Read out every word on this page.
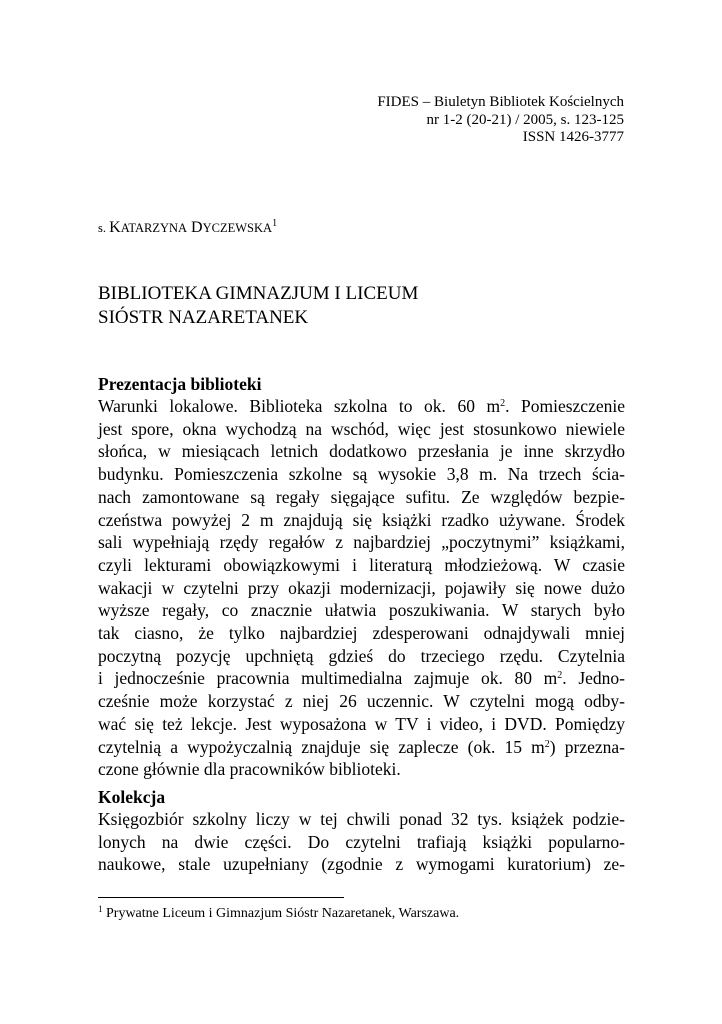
FIDES – Biuletyn Bibliotek Kościelnych
nr 1-2 (20-21) / 2005, s. 123-125
ISSN 1426-3777
s. KATARZYNA DYCZEWSKA$^1$
BIBLIOTEKA GIMNAZJUM I LICEUM
SIÓSTR NAZARETANEK

Prezentacja biblioteki

Warunki lokalowe. Biblioteka szkolna to ok. 60 $m^2$. Pomieszczenie
jest spore, okna wychodzą na wschód, więc jest stosunkowo niewiele
słońca, w miesiącach letnich dodatkowo przesłania je inne skrzydło
budynku. Pomieszczenia szkolne są wysokie 3,8 m. Na trzech ścia-
nach zamontowane są regały sięgające sufitu. Ze względów bezpie-
czeństwa powyżej 2 m znajdują się książki rzadko używane. Środek
sali wypełniają rzędy regałów z najbardziej „poczytnymi” książkami,
czyli lekturami obowiązkowymi i literaturą młodzieżową. W czasie
wakacji w czytelni przy okazji modernizacji, pojawiły się nowe dużo
wyższe regały, co znacznie ułatwia poszukiwania. W starych było
tak ciasno, że tylko najbardziej zdesperowani odnajdywali mniej
poczytną pozycję upchniętą gdzieś do trzeciego rzędu. Czytelnia
i jednocześnie pracownia multimedialna zajmuje ok. 80 $m^2$. Jedno-
cześnie może korzystać z niej 26 uczennic. W czytelni mogą odby-
wać się też lekcje. Jest wyposażona w TV i video, i DVD. Pomiędzy
czytelnią a wypożyczalnią znajduje się zaplecze (ok. 15 $m^2$) przezna-
czone głównie dla pracowników biblioteki.

Kolekcja

Księgozbiór szkolny liczy w tej chwili ponad 32 tys. książek podzie-
lonych na dwie części. Do czytelni trafiają książki popularno-
naukowe, stale uzupełniany (zgodnie z wymogami kuratorium) ze-

$^1$ Prywatne Liceum i Gimnazjum Sióstr Nazaretanek, Warszawa.
